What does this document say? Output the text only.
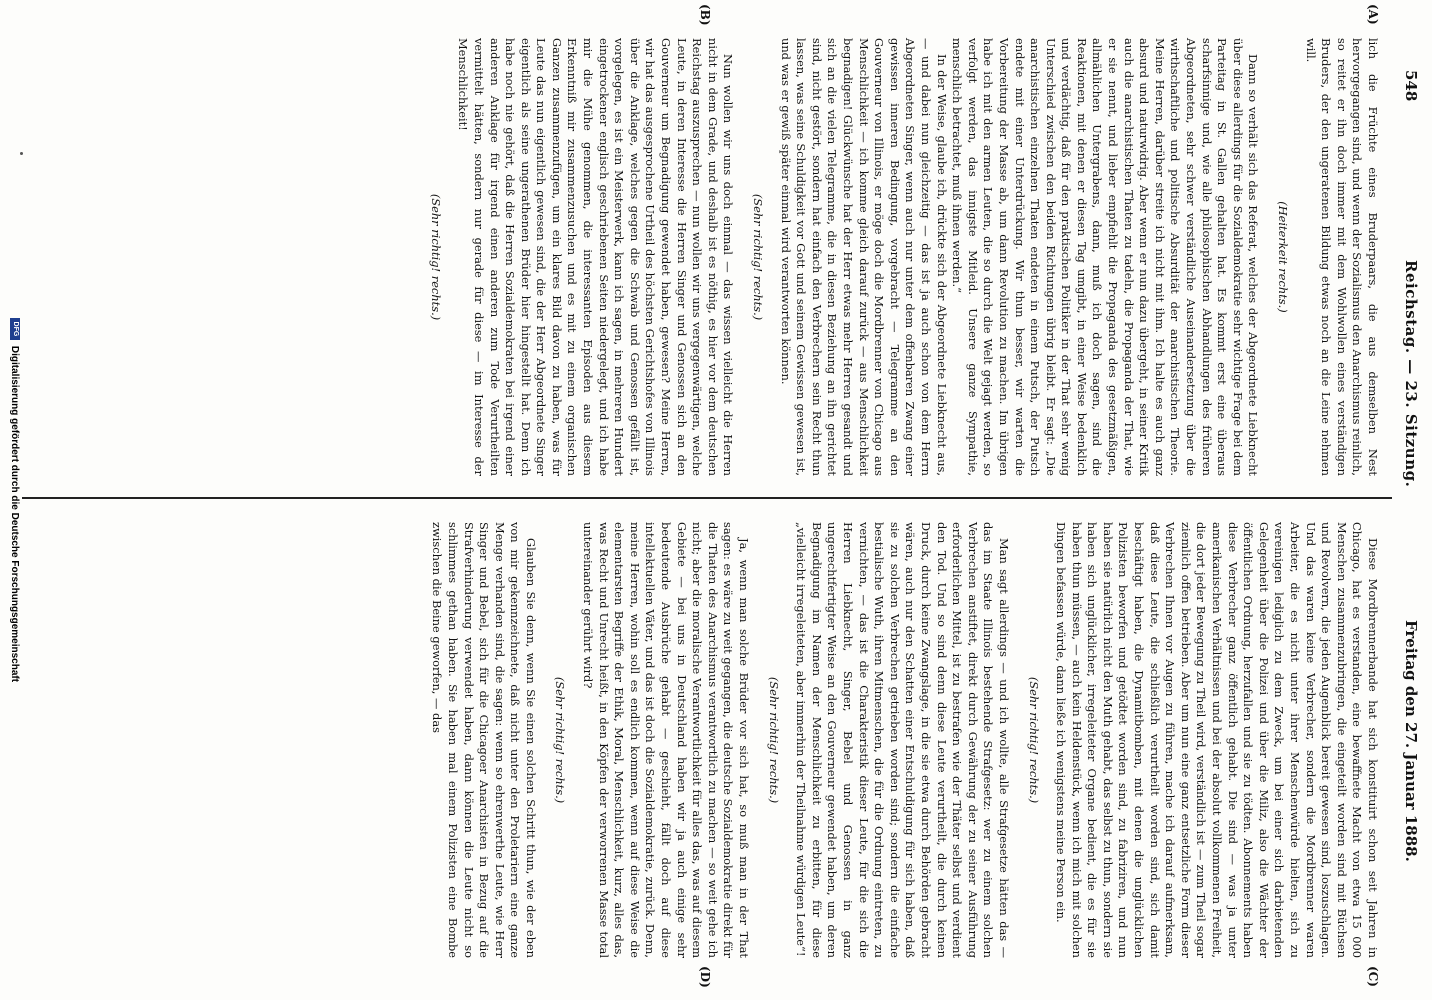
548
Reichstag. — 23. Sitzung.
Freitag den 27. Januar 1888.
(A)
(B)
(C)
(D)

lich die Früchte eines Bruderpaars, die aus demselben Nest hervorgegangen sind, und wenn der Sozialismus den Anarchismus reinlich, so reitet er ihn doch immer mit dem Wohlwollen eines verständigen Bruders, der den ungeratenen Bildung etwas noch an die Leine nehmen will.

(Heiterkeit rechts.)

Dann so verhält sich das Referat, welches der Abgeordnete Liebknecht über diese allerdings für die Sozialdemokratie sehr wichtige Frage bei dem Parteitag in St. Gallen gehalten hat. Es kommt erst eine überaus scharfsinnige und, wie alle philosophischen Abhandlungen des früheren Abgeordneten, sehr schwer verständliche Auseinandersetzung über die wirthschaftliche und politische Absurdität der anarchistischen Theorie. Meine Herren, darüber streite ich nicht mit ihm. Ich halte es auch ganz absurd und naturwidrig. Aber wenn er nun dazu übergeht, in seiner Kritik auch die anarchistischen Thaten zu tadeln, die Propaganda der That, wie er sie nennt, und lieber empfiehlt die Propaganda des gesetzmäßigen, allmählichen Untergrabens, dann, muß ich doch sagen, sind die Reaktionen, mit denen er diesen Tag umgibt, in einer Weise bedenklich und verdächtig, daß für den praktischen Politiker in der That sehr wenig Unterschied zwischen den beiden Richtungen übrig bleibt. Er sagt: „Die anarchistischen einzelnen Thaten endeten in einem Putsch, der Putsch endete mit einer Unterdrückung. Wir thun besser, wir warten die Vorbereitung der Masse ab, um dann Revolution zu machen. Im übrigen habe ich mit den armen Leuten, die so durch die Welt gejagt werden, so verfolgt werden, das innigste Mitleid. Unsere ganze Sympathie, menschlich betrachtet, muß ihnen werden.“

In der Weise, glaube ich, drückte sich der Abgeordnete Liebknecht aus, — und dabei nun gleichzeitig — das ist ja auch schon von dem Herrn Abgeordneten Singer, wenn auch nur unter dem offenbaren Zwang einer gewissen inneren Bedingung, vorgebracht — Telegramme an den Gouverneur von Illinois, er möge doch die Mordbrenner von Chicago aus Menschlichkeit — ich komme gleich darauf zurück — aus Menschlichkeit begnadigen! Glückwünsche hat der Herr etwas mehr Herren gesandt und sich an die vielen Telegramme, die in diesen Beziehung an ihn gerichtet sind, nicht gestört, sondern hat einfach den Verbrechern sein Recht thun lassen, was seine Schuldigkeit vor Gott und seinem Gewissen gewesen ist, und was er gewiß später einmal wird verantworten können.

(Sehr richtig! rechts.)

Nun wollen wir uns doch einmal — das wissen vielleicht die Herren nicht in dem Grade, und deshalb ist es nöthig, es hier vor dem deutschen Reichstag auszusprechen — nun wollen wir uns vergegenwärtigen, welche Leute, in deren Interesse die Herren Singer und Genossen sich an den Gouverneur um Begnadigung gewendet haben, gewesen? Meine Herren, wir hat das ausgesprochene Urtheil des höchsten Gerichtshofes von Illinois über die Anklage, welches gegen die Schwab und Genossen gefällt ist, vorgelegen, es ist ein Meisterwerk, kann ich sagen, in mehreren Hundert eingetrockener englisch geschriebenen Seiten niedergelegt, und ich habe mir die Mühe genommen, die interessanten Episoden aus diesem Erkenntniß mir zusammenzusuchen und es mit zu einem organischen Ganzen zusammenzufügen, um ein klares Bild davon zu haben, was für Leute das nun eigentlich gewesen sind, die der Herr Abgeordnete Singer eigentlich als seine ungerathenen Brüder hier hingestellt hat. Denn ich habe noch nie gehört, daß die Herren Sozialdemokraten bei irgend einer anderen Anklage für irgend einen anderen zum Tode Verurtheilten vermittelt hätten, sondern nur gerade für diese — im Interesse der Menschlichkeit!

(Sehr richtig! rechts.)

Diese Mordbrennerbande hat sich konstituirt schon seit Jahren in Chicago, hat es verstanden, eine bewaffnete Macht von etwa 15 000 Menschen zusammenzubringen, die eingeteilt worden sind mit Büchsen und Revolvern, die jeden Augenblick bereit gewesen sind, loszuschlagen. Und das waren keine Verbrecher, sondern die Mordbrenner waren Arbeiter, die es nicht unter ihrer Menschenwürde hielten, sich zu vereinigen lediglich zu dem Zweck, um bei einer sich darbietenden Gelegenheit über die Polizei und über die Miliz, also die Wächter der öffentlichen Ordnung, herzufallen und sie zu tödten. Abonnements haben diese Verbrecher ganz öffentlich gehabt. Die sind — was ja unter amerikanischen Verhältnissen und bei der absolut vollkommenen Freiheit, die dort jeder Bewegung zu Theil wird, verständlich ist — zum Theil sogar ziemlich offen betrieben. Aber um nun eine ganz entsetzliche Form dieser Verbrechen Ihnen vor Augen zu führen, mache ich darauf aufmerksam, daß diese Leute, die schließlich verurtheilt worden sind, sich damit beschäftigt haben, die Dynamitbomben, mit denen die unglücklichen Polizisten beworfen und getödtet worden sind, zu fabriziren, und nun haben sie natürlich nicht den Muth gehabt, das selbst zu thun, sondern sie haben sich unglücklicher, irregeleiteter Organe bedient, die es für sie haben thun müssen, — auch kein Heldenstück, wenn ich mich mit solchen Dingen befassen würde, dann ließe ich wenigstens meine Person ein.

(Sehr richtig! rechts.)

Man sagt allerdings — und ich wollte, alle Strafgesetze hätten das — das im Staate Illinois bestehende Strafgesetz: wer zu einem solchen Verbrechen anstiftet, direkt durch Gewährung der zu seiner Ausführung erforderlichen Mittel, ist zu bestrafen wie der Thäter selbst und verdient den Tod. Und so sind denn diese Leute verurtheilt, die durch keinen Druck, durch keine Zwangslage, in die sie etwa durch Behörden gebracht wären, auch nur den Schatten einer Entschuldigung für sich haben, daß sie zu solchen Verbrechen getrieben worden sind; sondern die einfache bestialische Wuth, ihren Mitmenschen, die für die Ordnung eintreten, zu vernichten, — das ist die Charakteristik dieser Leute, für die sich die Herren Liebknecht, Singer, Bebel und Genossen in ganz ungerechtfertigter Weise an den Gouverneur gewendet haben, um deren Begnadigung im Namen der Menschlichkeit zu erbitten, für diese „vielleicht irregeleiteten, aber immerhin der Theilnahme würdigen Leute“!

(Sehr richtig! rechts.)

Ja, wenn man solche Brüder vor sich hat, so muß man in der That sagen: es wäre zu weit gegangen, die deutsche Sozialdemokratie direkt für die Thaten des Anarchismus verantwortlich zu machen — so weit gehe ich nicht; aber die moralische Verantwortlichkeit für alles das, was auf diesem Gebiete — bei uns in Deutschland haben wir ja auch einige sehr bedeutende Ausbrüche gehabt — geschieht, fällt doch auf diese intellektuellen Väter, und das ist doch die Sozialdemokratie, zurück. Denn, meine Herren, wohin soll es endlich kommen, wenn auf diese Weise die elementarsten Begriffe der Ethik, Moral, Menschlichkeit, kurz, alles das, was Recht und Unrecht heißt, in den Köpfen der verworrenen Masse total untereinander gerührt wird?

(Sehr richtig! rechts.)

Glauben Sie denn, wenn Sie einen solchen Schritt thun, wie der eben von mir gekennzeichnete, daß nicht unter den Proletariern eine ganze Menge verhanden sind, die sagen: wenn so ehrenwerthe Leute, wie Herr Singer und Bebel, sich für die Chicagoer Anarchisten in Bezug auf die Strafverhinderung verwendet haben, dann können die Leute nicht so schlimmes gethan haben. Sie haben mal einem Polizisten eine Bombe zwischen die Beine geworfen, — das

DFGDigitalisierung gefördert durch die Deutsche Forschungsgemeinschaft
